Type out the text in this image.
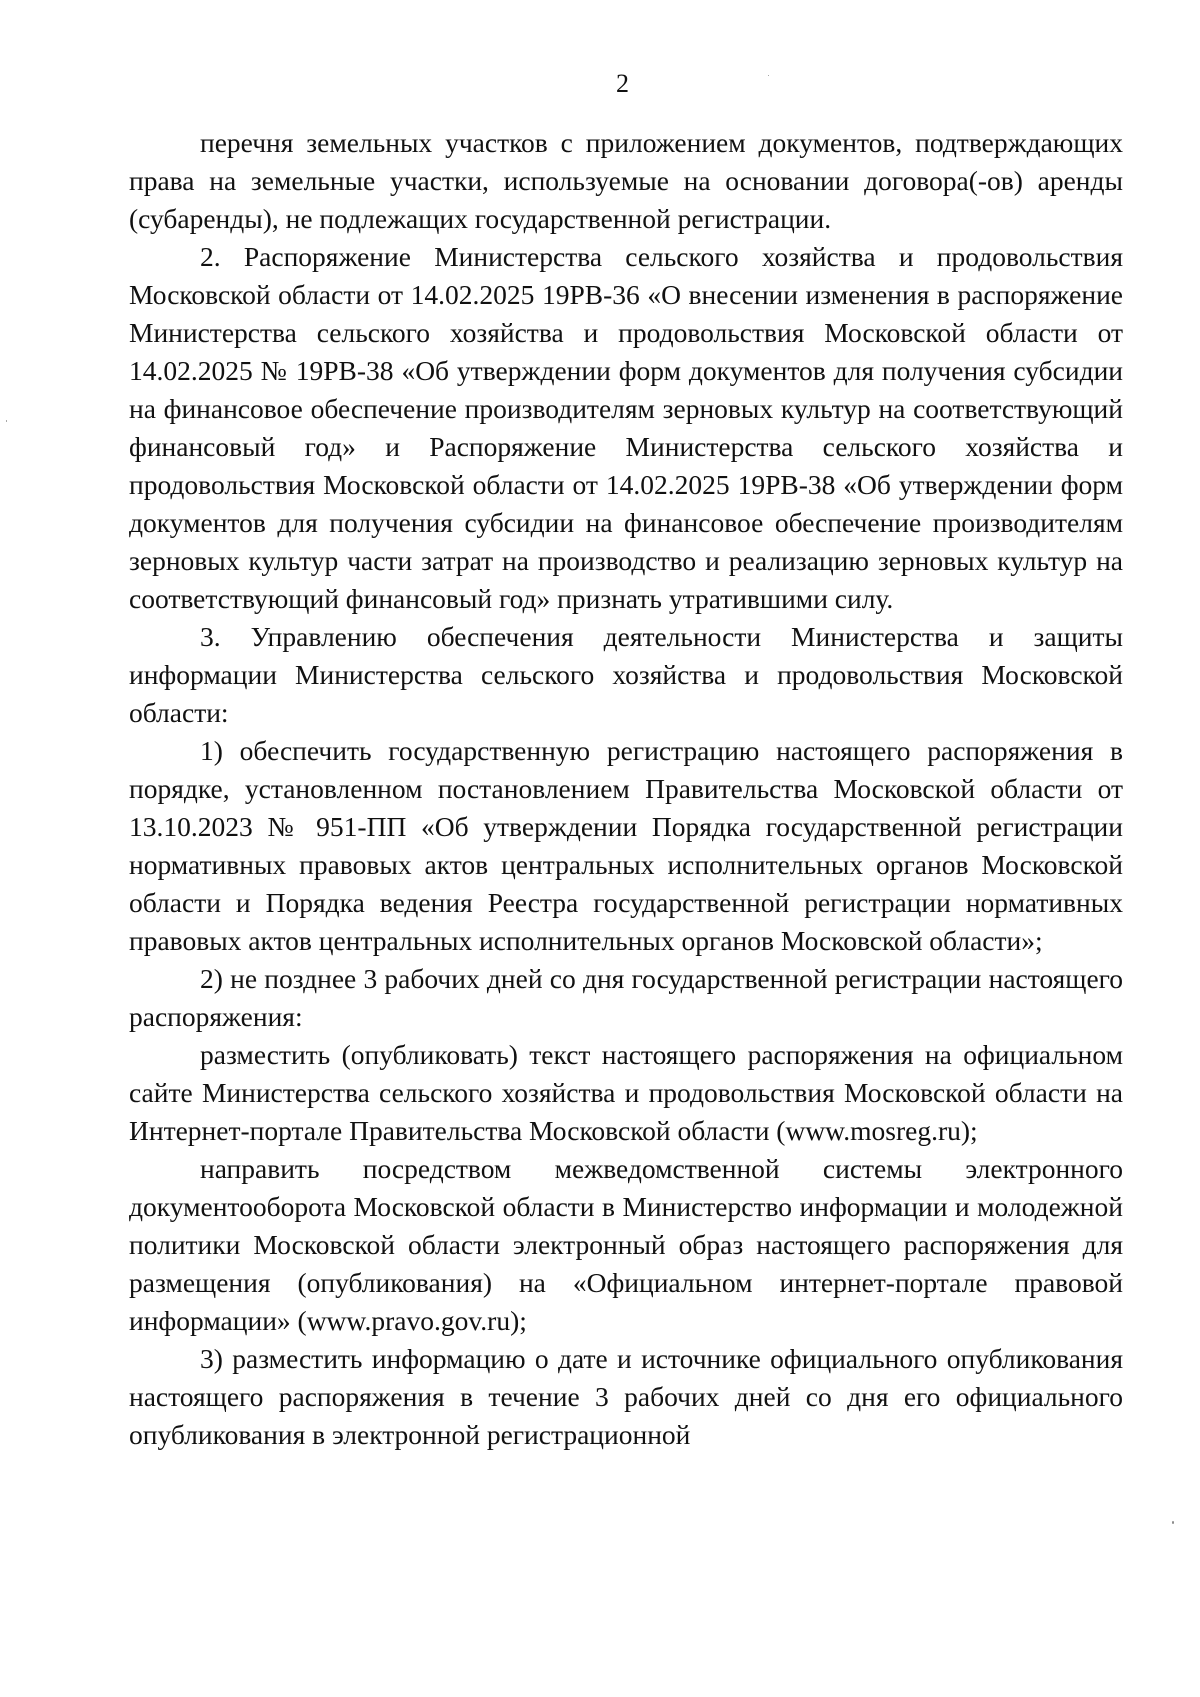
2

перечня земельных участков с приложением документов, подтверждающих права на земельные участки, используемые на основании договора(-ов) аренды (субаренды), не подлежащих государственной регистрации.

2. Распоряжение Министерства сельского хозяйства и продовольствия Московской области от 14.02.2025 19РВ-36 «О внесении изменения в распоряжение Министерства сельского хозяйства и продовольствия Московской области от 14.02.2025 № 19РВ-38 «Об утверждении форм документов для получения субсидии на финансовое обеспечение производителям зерновых культур на соответствующий финансовый год» и Распоряжение Министерства сельского хозяйства и продовольствия Московской области от 14.02.2025 19РВ-38 «Об утверждении форм документов для получения субсидии на финансовое обеспечение производителям зерновых культур части затрат на производство и реализацию зерновых культур на соответствующий финансовый год» признать утратившими силу.

3. Управлению обеспечения деятельности Министерства и защиты информации Министерства сельского хозяйства и продовольствия Московской области:

1) обеспечить государственную регистрацию настоящего распоряжения в порядке, установленном постановлением Правительства Московской области от 13.10.2023 № 951-ПП «Об утверждении Порядка государственной регистрации нормативных правовых актов центральных исполнительных органов Московской области и Порядка ведения Реестра государственной регистрации нормативных правовых актов центральных исполнительных органов Московской области»;

2) не позднее 3 рабочих дней со дня государственной регистрации настоящего распоряжения:

разместить (опубликовать) текст настоящего распоряжения на официальном сайте Министерства сельского хозяйства и продовольствия Московской области на Интернет-портале Правительства Московской области (www.mosreg.ru);

направить посредством межведомственной системы электронного документооборота Московской области в Министерство информации и молодежной политики Московской области электронный образ настоящего распоряжения для размещения (опубликования) на «Официальном интернет-портале правовой информации» (www.pravo.gov.ru);

3) разместить информацию о дате и источнике официального опубликования настоящего распоряжения в течение 3 рабочих дней со дня его официального опубликования в электронной регистрационной
